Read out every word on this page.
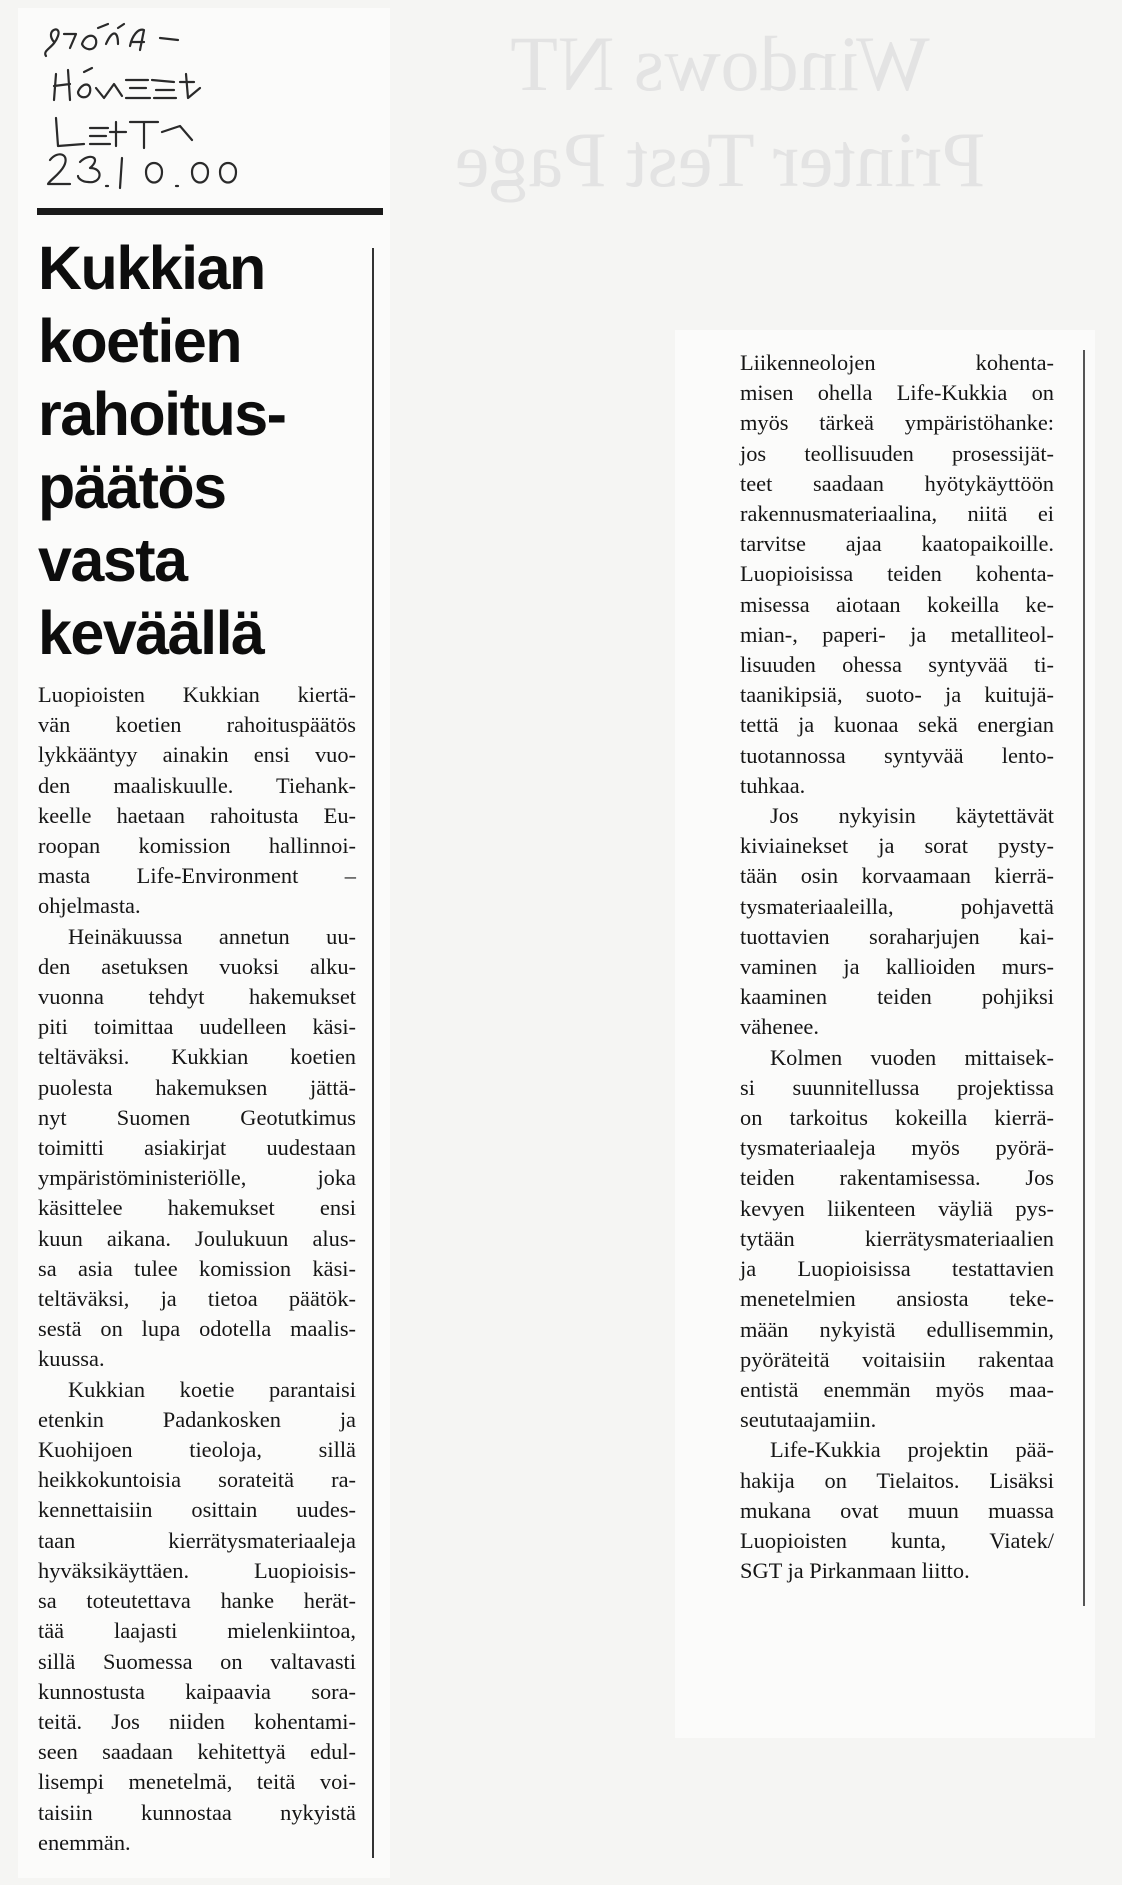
Windows NT
Printer Test Page
Kukkian
koetien
rahoitus-
päätös
vasta
keväällä

Luopioisten Kukkian kiertä-
vän koetien rahoituspäätös
lykkääntyy ainakin ensi vuo-
den maaliskuulle. Tiehank-
keelle haetaan rahoitusta Eu-
roopan komission hallinnoi-
masta Life-Environment –
ohjelmasta.

Heinäkuussa annetun uu-
den asetuksen vuoksi alku-
vuonna tehdyt hakemukset
piti toimittaa uudelleen käsi-
teltäväksi. Kukkian koetien
puolesta hakemuksen jättä-
nyt Suomen Geotutkimus
toimitti asiakirjat uudestaan
ympäristöministeriölle, joka
käsittelee hakemukset ensi
kuun aikana. Joulukuun alus-
sa asia tulee komission käsi-
teltäväksi, ja tietoa päätök-
sestä on lupa odotella maalis-
kuussa.

Kukkian koetie parantaisi
etenkin Padankosken ja
Kuohijoen tieoloja, sillä
heikkokuntoisia sorateitä ra-
kennettaisiin osittain uudes-
taan kierrätysmateriaaleja
hyväksikäyttäen. Luopioisis-
sa toteutettava hanke herät-
tää laajasti mielenkiintoa,
sillä Suomessa on valtavasti
kunnostusta kaipaavia sora-
teitä. Jos niiden kohentami-
seen saadaan kehitettyä edul-
lisempi menetelmä, teitä voi-
taisiin kunnostaa nykyistä
enemmän.

Liikenneolojen kohenta-
misen ohella Life-Kukkia on
myös tärkeä ympäristöhanke:
jos teollisuuden prosessijät-
teet saadaan hyötykäyttöön
rakennusmateriaalina, niitä ei
tarvitse ajaa kaatopaikoille.
Luopioisissa teiden kohenta-
misessa aiotaan kokeilla ke-
mian-, paperi- ja metalliteol-
lisuuden ohessa syntyvää ti-
taanikipsiä, suoto- ja kuitujä-
tettä ja kuonaa sekä energian
tuotannossa syntyvää lento-
tuhkaa.

Jos nykyisin käytettävät
kiviainekset ja sorat pysty-
tään osin korvaamaan kierrä-
tysmateriaaleilla, pohjavettä
tuottavien soraharjujen kai-
vaminen ja kallioiden murs-
kaaminen teiden pohjiksi
vähenee.

Kolmen vuoden mittaisek-
si suunnitellussa projektissa
on tarkoitus kokeilla kierrä-
tysmateriaaleja myös pyörä-
teiden rakentamisessa. Jos
kevyen liikenteen väyliä pys-
tytään kierrätysmateriaalien
ja Luopioisissa testattavien
menetelmien ansiosta teke-
mään nykyistä edullisemmin,
pyöräteitä voitaisiin rakentaa
entistä enemmän myös maa-
seututaajamiin.

Life-Kukkia projektin pää-
hakija on Tielaitos. Lisäksi
mukana ovat muun muassa
Luopioisten kunta, Viatek/
SGT ja Pirkanmaan liitto.
